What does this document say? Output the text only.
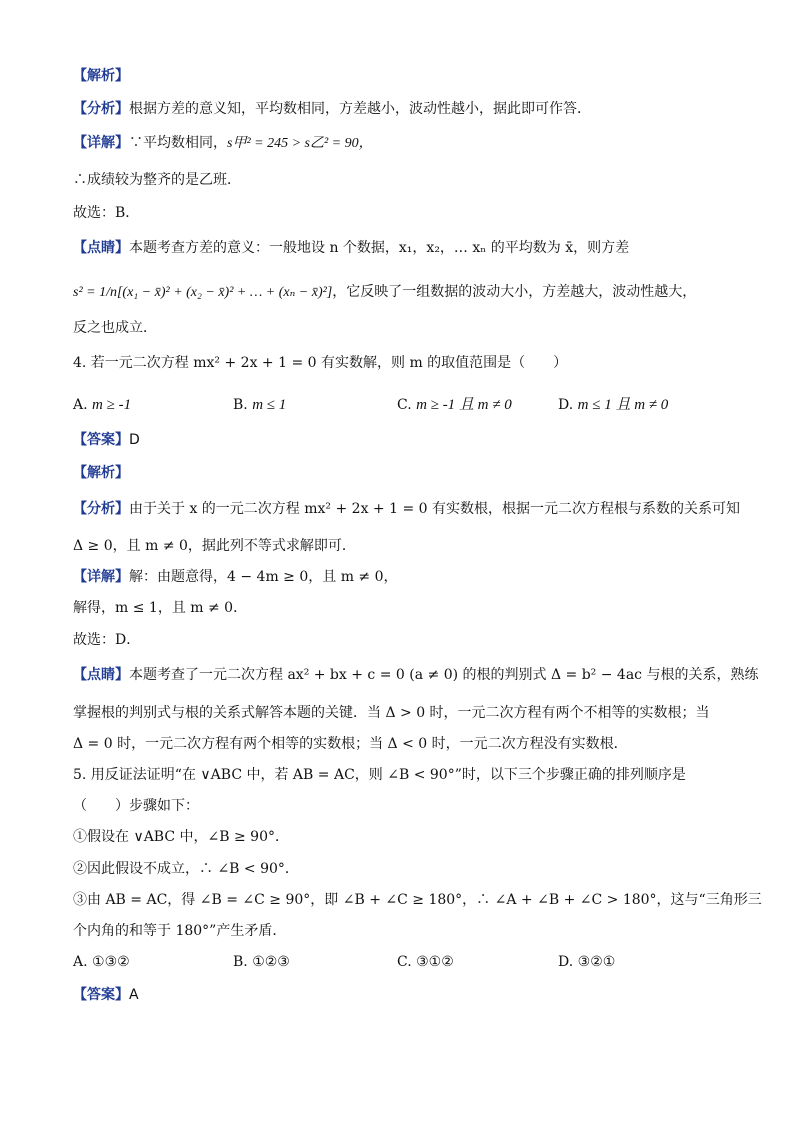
【解析】
【分析】根据方差的意义知，平均数相同，方差越小，波动性越小，据此即可作答．
【详解】∵平均数相同，s甲² = 245 > s乙² = 90，
∴成绩较为整齐的是乙班．
故选：B．
【点睛】本题考查方差的意义：一般地设 n 个数据，x₁，x₂，… xₙ 的平均数为 x̄，则方差
s² = 1/n[(x₁ − x̄)² + (x₂ − x̄)² + … + (xₙ − x̄)²]，它反映了一组数据的波动大小，方差越大，波动性越大，
反之也成立．
4. 若一元二次方程 mx² + 2x + 1 = 0 有实数解，则 m 的取值范围是（　　）
A. m ≥ -1	B. m ≤ 1	C. m ≥ -1 且 m ≠ 0	D. m ≤ 1 且 m ≠ 0
【答案】D
【解析】
【分析】由于关于 x 的一元二次方程 mx² + 2x + 1 = 0 有实数根，根据一元二次方程根与系数的关系可知
Δ ≥ 0，且 m ≠ 0，据此列不等式求解即可．
【详解】解：由题意得，4 − 4m ≥ 0，且 m ≠ 0，
解得，m ≤ 1，且 m ≠ 0．
故选：D．
【点睛】本题考查了一元二次方程 ax² + bx + c = 0 (a ≠ 0) 的根的判别式 Δ = b² − 4ac 与根的关系，熟练
掌握根的判别式与根的关系式解答本题的关键．当 Δ > 0 时，一元二次方程有两个不相等的实数根；当
Δ = 0 时，一元二次方程有两个相等的实数根；当 Δ < 0 时，一元二次方程没有实数根．
5. 用反证法证明“在 ∨ABC 中，若 AB = AC，则 ∠B < 90°”时，以下三个步骤正确的排列顺序是
（　　）步骤如下：
①假设在 ∨ABC 中，∠B ≥ 90°．
②因此假设不成立，∴ ∠B < 90°．
③由 AB = AC，得 ∠B = ∠C ≥ 90°，即 ∠B + ∠C ≥ 180°，∴ ∠A + ∠B + ∠C > 180°，这与“三角形三
个内角的和等于 180°”产生矛盾．
A. ①③②	B. ①②③	C. ③①②	D. ③②①
【答案】A
